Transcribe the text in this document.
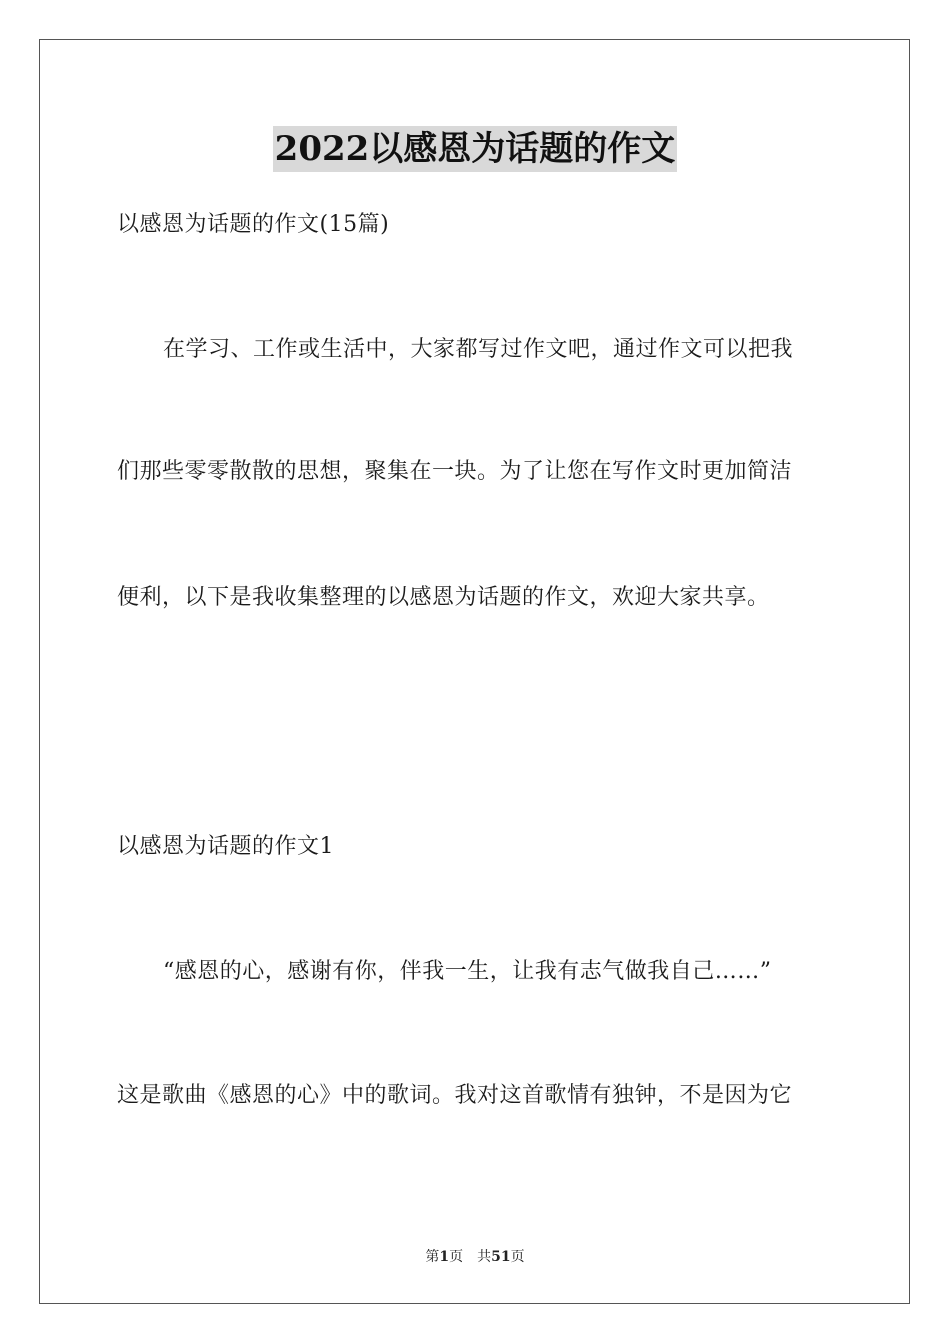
2022以感恩为话题的作文
以感恩为话题的作文(15篇)
在学习、工作或生活中，大家都写过作文吧，通过作文可以把我
们那些零零散散的思想，聚集在一块。为了让您在写作文时更加简洁
便利，以下是我收集整理的以感恩为话题的作文，欢迎大家共享。
以感恩为话题的作文1
“感恩的心，感谢有你，伴我一生，让我有志气做我自己……”
这是歌曲《感恩的心》中的歌词。我对这首歌情有独钟，不是因为它
第1页 共51页
